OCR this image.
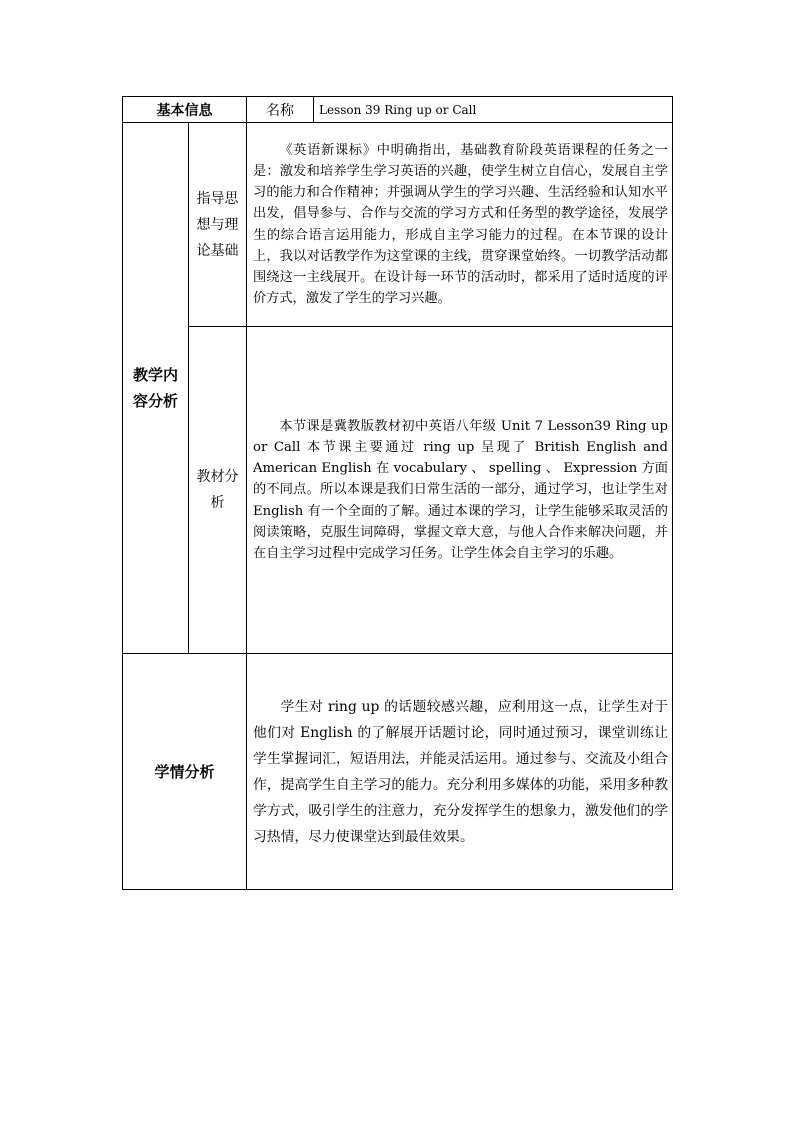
基本信息		名称	Lesson 39 Ring up or Call
教学内容分析	指导思想与理论基础	《英语新课标》中明确指出，基础教育阶段英语课程的任务之一是：激发和培养学生学习英语的兴趣，使学生树立自信心，发展自主学习的能力和合作精神；并强调从学生的学习兴趣、生活经验和认知水平出发，倡导参与、合作与交流的学习方式和任务型的教学途径，发展学生的综合语言运用能力，形成自主学习能力的过程。在本节课的设计上，我以对话教学作为这堂课的主线，贯穿课堂始终。一切教学活动都围绕这一主线展开。在设计每一环节的活动时，都采用了适时适度的评价方式，激发了学生的学习兴趣。	
	教材分析	本节课是冀教版教材初中英语八年级 Unit 7 Lesson39 Ring up or Call 本节课主要通过 ring up 呈现了 British English and American English 在 vocabulary 、 spelling 、 Expression 方面的不同点。所以本课是我们日常生活的一部分，通过学习，也让学生对 English 有一个全面的了解。通过本课的学习，让学生能够采取灵活的阅读策略，克服生词障碍，掌握文章大意，与他人合作来解决问题，并在自主学习过程中完成学习任务。让学生体会自主学习的乐趣。	
学情分析		学生对 ring up 的话题较感兴趣，应利用这一点，让学生对于他们对 English 的了解展开话题讨论，同时通过预习，课堂训练让学生掌握词汇，短语用法，并能灵活运用。通过参与、交流及小组合作，提高学生自主学习的能力。充分利用多媒体的功能，采用多种教学方式，吸引学生的注意力，充分发挥学生的想象力，激发他们的学习热情，尽力使课堂达到最佳效果。	
